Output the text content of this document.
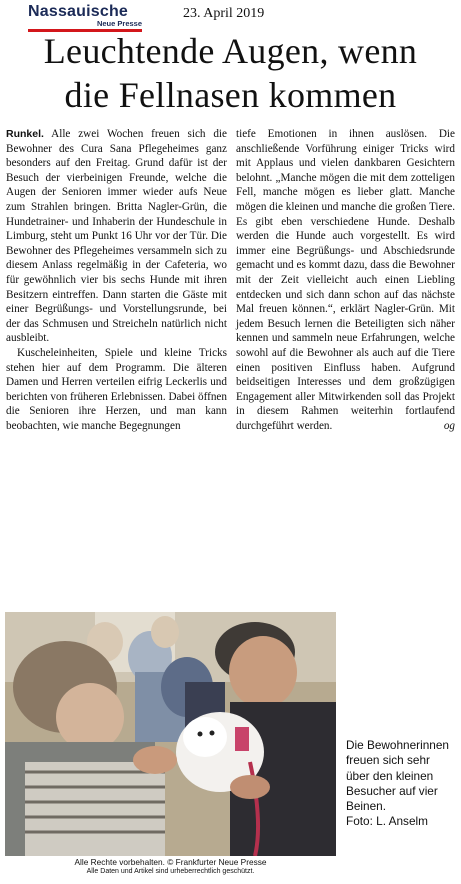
Nassauische
Neue Presse
23. April 2019
Leuchtende Augen, wenn
die Fellnasen kommen

Runkel. Alle zwei Wochen freuen sich die Bewohner des Cura Sana Pflegeheimes ganz besonders auf den Freitag. Grund dafür ist der Besuch der vierbeinigen Freunde, welche die Augen der Senioren immer wieder aufs Neue zum Strahlen bringen. Britta Nagler-Grün, die Hundetrainer- und Inhaberin der Hundeschule in Limburg, steht um Punkt 16 Uhr vor der Tür. Die Bewohner des Pflegeheimes versammeln sich zu diesem Anlass regelmäßig in der Cafeteria, wo für gewöhnlich vier bis sechs Hunde mit ihren Besitzern eintreffen. Dann starten die Gäste mit einer Begrüßungs- und Vorstellungsrunde, bei der das Schmusen und Streicheln natürlich nicht ausbleibt.

Kuscheleinheiten, Spiele und kleine Tricks stehen hier auf dem Programm. Die älteren Damen und Herren verteilen eifrig Leckerlis und berichten von früheren Erlebnissen. Dabei öffnen die Senioren ihre Herzen, und man kann beobachten, wie manche Begegnungen

tiefe Emotionen in ihnen auslösen. Die anschließende Vorführung einiger Tricks wird mit Applaus und vielen dankbaren Gesichtern belohnt. „Manche mögen die mit dem zotteligen Fell, manche mögen es lieber glatt. Manche mögen die kleinen und manche die großen Tiere. Es gibt eben verschiedene Hunde. Deshalb werden die Hunde auch vorgestellt. Es wird immer eine Begrüßungs- und Abschiedsrunde gemacht und es kommt dazu, dass die Bewohner mit der Zeit vielleicht auch einen Liebling entdecken und sich dann schon auf das nächste Mal freuen können.“, erklärt Nagler-Grün. Mit jedem Besuch lernen die Beteiligten sich näher kennen und sammeln neue Erfahrungen, welche sowohl auf die Bewohner als auch auf die Tiere einen positiven Einfluss haben. Aufgrund beidseitigen Interesses und dem großzügigen Engagement aller Mitwirkenden soll das Projekt in diesem Rahmen weiterhin fortlaufend durchgeführt werden.	og

Die Bewohnerinnen freuen sich sehr über den kleinen Besucher auf vier Beinen.

Foto: L. Anselm

Alle Rechte vorbehalten. © Frankfurter Neue Presse
Alle Daten und Artikel sind urheberrechtlich geschützt.
